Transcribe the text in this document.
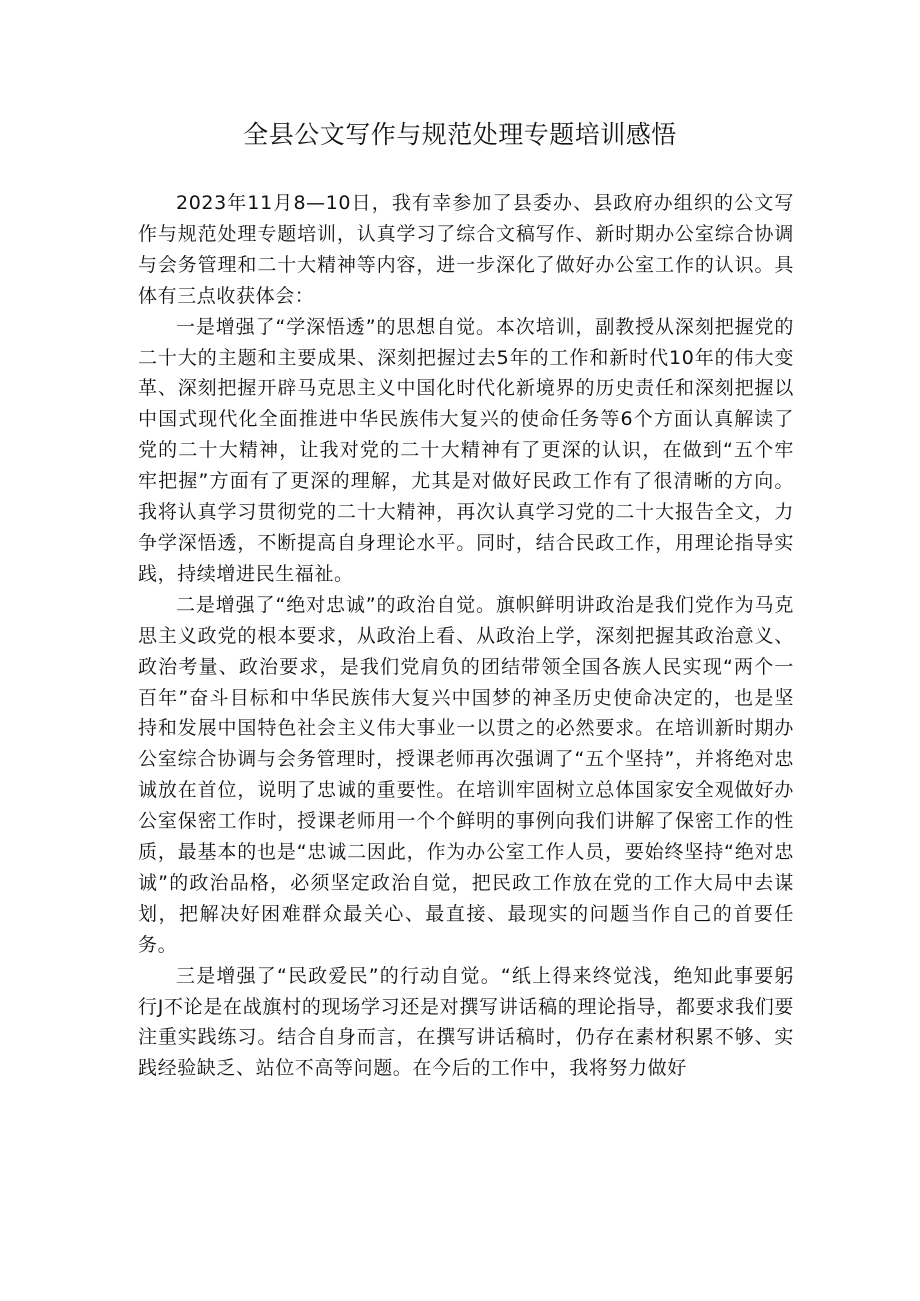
全县公文写作与规范处理专题培训感悟

2023年11月8—10日，我有幸参加了县委办、县政府办组织的公文写作与规范处理专题培训，认真学习了综合文稿写作、新时期办公室综合协调与会务管理和二十大精神等内容，进一步深化了做好办公室工作的认识。具体有三点收获体会：

一是增强了“学深悟透”的思想自觉。本次培训，副教授从深刻把握党的二十大的主题和主要成果、深刻把握过去5年的工作和新时代10年的伟大变革、深刻把握开辟马克思主义中国化时代化新境界的历史责任和深刻把握以中国式现代化全面推进中华民族伟大复兴的使命任务等6个方面认真解读了党的二十大精神，让我对党的二十大精神有了更深的认识，在做到“五个牢牢把握”方面有了更深的理解，尤其是对做好民政工作有了很清晰的方向。我将认真学习贯彻党的二十大精神，再次认真学习党的二十大报告全文，力争学深悟透，不断提高自身理论水平。同时，结合民政工作，用理论指导实践，持续增进民生福祉。

二是增强了“绝对忠诚”的政治自觉。旗帜鲜明讲政治是我们党作为马克思主义政党的根本要求，从政治上看、从政治上学，深刻把握其政治意义、政治考量、政治要求，是我们党肩负的团结带领全国各族人民实现“两个一百年”奋斗目标和中华民族伟大复兴中国梦的神圣历史使命决定的，也是坚持和发展中国特色社会主义伟大事业一以贯之的必然要求。在培训新时期办公室综合协调与会务管理时，授课老师再次强调了“五个坚持”，并将绝对忠诚放在首位，说明了忠诚的重要性。在培训牢固树立总体国家安全观做好办公室保密工作时，授课老师用一个个鲜明的事例向我们讲解了保密工作的性质，最基本的也是“忠诚二因此，作为办公室工作人员，要始终坚持“绝对忠诚”的政治品格，必须坚定政治自觉，把民政工作放在党的工作大局中去谋划，把解决好困难群众最关心、最直接、最现实的问题当作自己的首要任务。

三是增强了“民政爱民”的行动自觉。“纸上得来终觉浅，绝知此事要躬行J不论是在战旗村的现场学习还是对撰写讲话稿的理论指导，都要求我们要注重实践练习。结合自身而言，在撰写讲话稿时，仍存在素材积累不够、实践经验缺乏、站位不高等问题。在今后的工作中，我将努力做好
